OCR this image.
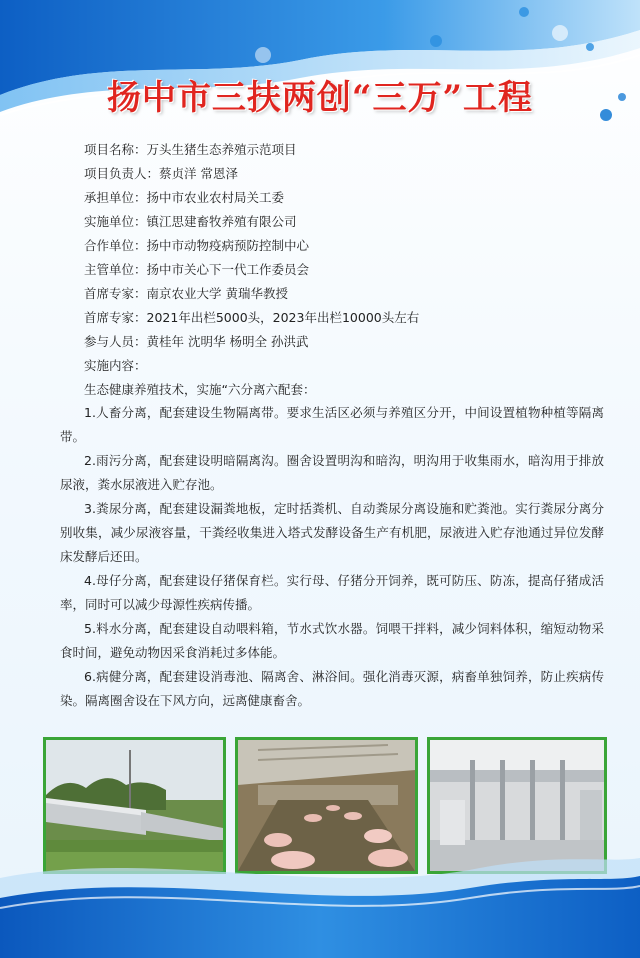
扬中市三扶两创“三万”工程
项目名称 ： 万头生猪生态养殖示范项目
项目负责人 ： 蔡贞洋 常恩泽
承担单位 ： 扬中市农业农村局关工委
实施单位 ： 镇江思建畜牧养殖有限公司
合作单位 ： 扬中市动物疫病预防控制中心
主管单位 ： 扬中市关心下一代工作委员会
首席专家 ： 南京农业大学 黄瑞华教授
首席专家 ： 2021年出栏5000头，2023年出栏10000头左右
参与人员 ： 黄桂年 沈明华 杨明全 孙洪武
实施内容 ：
生态健康养殖技术，实施“六分离六配套：

1.人畜分离，配套建设生物隔离带。要求生活区必须与养殖区分开，中间设置植物种植等隔离带。

2.雨污分离，配套建设明暗隔离沟。圈舍设置明沟和暗沟，明沟用于收集雨水，暗沟用于排放尿液，粪水尿液进入贮存池。

3.粪尿分离，配套建设漏粪地板，定时括粪机、自动粪尿分离设施和贮粪池。实行粪尿分离分别收集，减少尿液容量，干粪经收集进入塔式发酵设备生产有机肥，尿液进入贮存池通过异位发酵床发酵后还田。

4.母仔分离，配套建设仔猪保育栏。实行母、仔猪分开饲养，既可防压、防冻，提高仔猪成活率，同时可以减少母源性疾病传播。

5.料水分离，配套建设自动喂料箱，节水式饮水器。饲喂干拌料，减少饲料体积，缩短动物采食时间，避免动物因采食消耗过多体能。

6.病健分离，配套建设消毒池、隔离舍、淋浴间。强化消毒灭源，病畜单独饲养，防止疾病传染。隔离圈舍设在下风方向，远离健康畜舍。
